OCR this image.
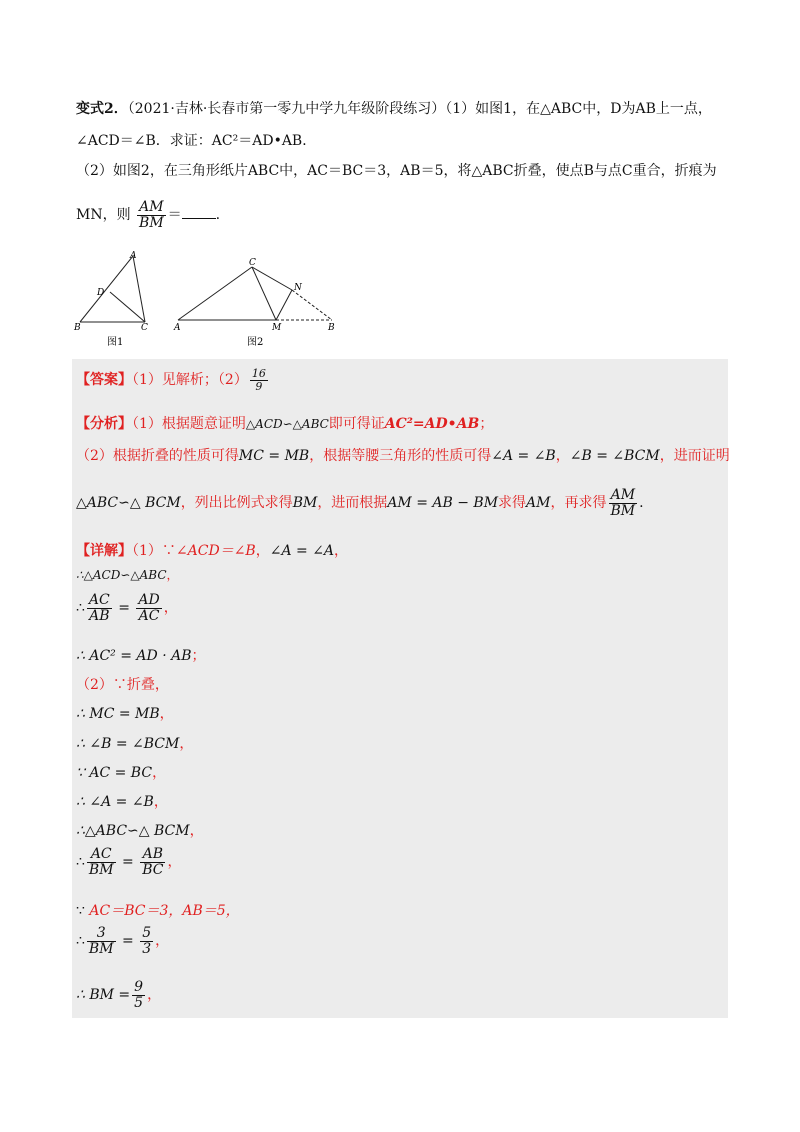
变式2．（2021·吉林·长春市第一零九中学九年级阶段练习）（1）如图1，在△ABC中，D为AB上一点，
∠ACD＝∠B．求证：AC²＝AD•AB．
（2）如图2，在三角形纸片ABC中，AC＝BC＝3，AB＝5，将△ABC折叠，使点B与点C重合，折痕为
MN，则 $\frac{AM}{BM}$ ＝ .
A
B	C
D
图1
C
A	M
N
B
图2
【答案】（1）见解析；$(2) \frac{16}{9}$
【分析】（1）根据题意证明△ACD∽△ABC即可得证AC²=AD•AB；
（2）根据折叠的性质可得MC = MB，根据等腰三角形的性质可得∠A = ∠B，∠B = ∠BCM，进而证明
△ABC∽△ BCM，列出比例式求得BM，进而根据AM = AB − BM求得AM，再求得 $\frac{AM}{BM}$ .
【详解】（1）∵∠ACD＝∠B，∠A = ∠A，
∴△ACD∽△ABC，
∴ $\frac{AC}{AB} = \frac{AD}{AC}$ ，
∴ AC² = AD · AB；
（2）∵折叠，
∴ MC = MB，
∴ ∠B = ∠BCM，
∵ AC = BC，
∴ ∠A = ∠B，
∴△ABC∽△ BCM，
∴ $\frac{AC}{BM} = \frac{AB}{BC}$ ，
∵ AC＝BC＝3，AB＝5，
∴ $\frac{3}{BM} = \frac{5}{3}$ ，
∴ BM = $\frac{9}{5}$ ，
